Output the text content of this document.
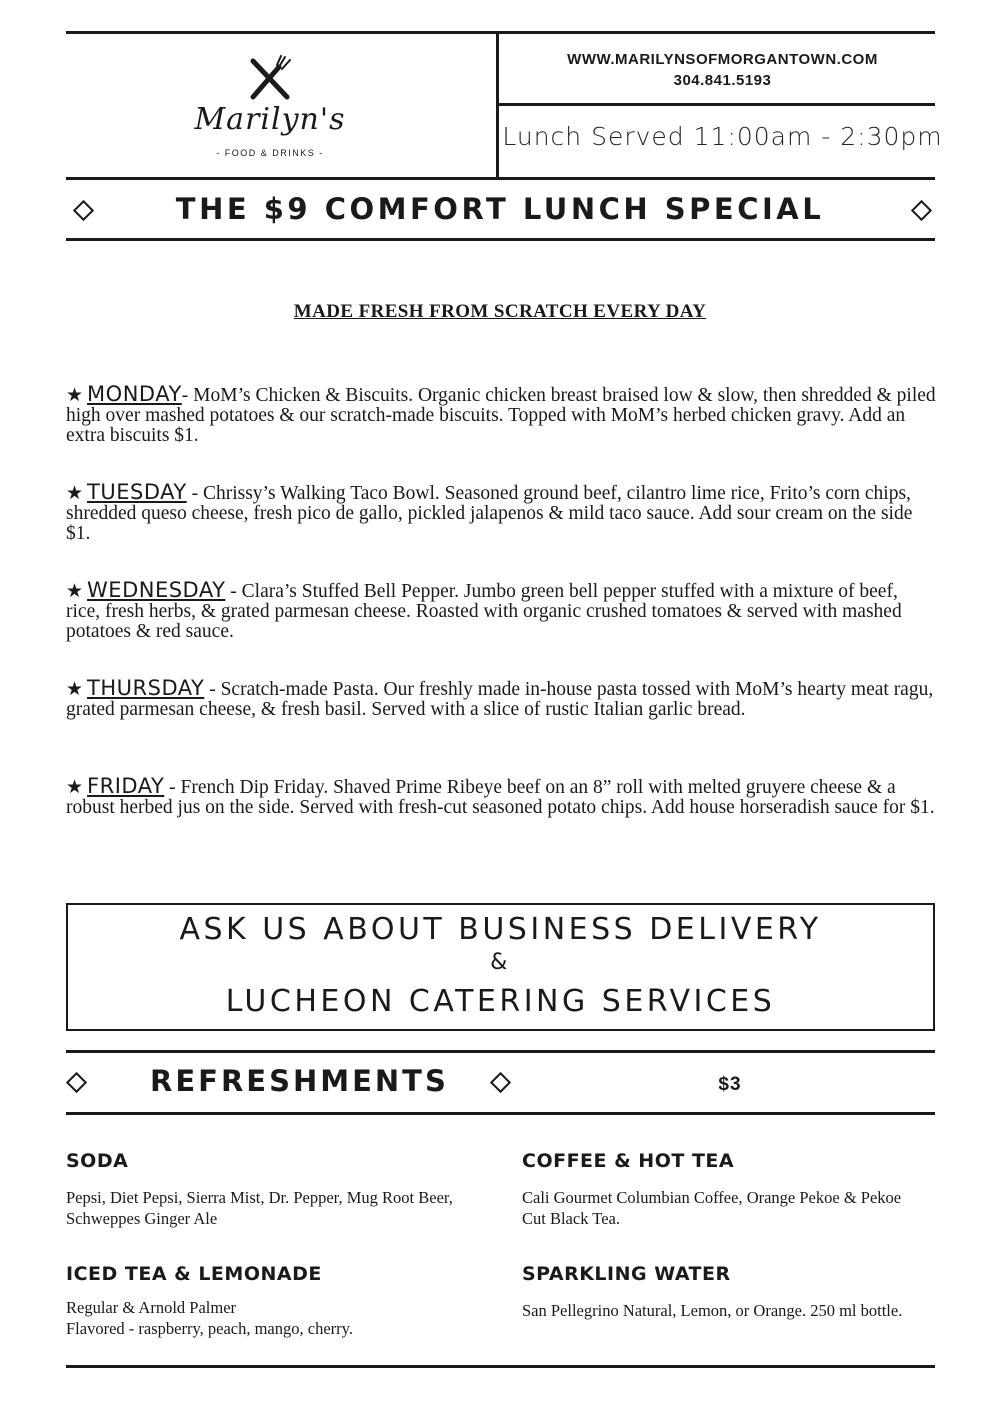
Marilyn's
- FOOD & DRINKS -
WWW.MARILYNSOFMORGANTOWN.COM
304.841.5193
Lunch Served 11:00am - 2:30pm
THE $9 COMFORT LUNCH SPECIAL
MADE FRESH FROM SCRATCH EVERY DAY
★ MONDAY- MoM’s Chicken & Biscuits. Organic chicken breast braised low & slow, then shredded & piled high over mashed potatoes & our scratch-made biscuits. Topped with MoM’s herbed chicken gravy. Add an extra biscuits $1.
★ TUESDAY - Chrissy’s Walking Taco Bowl. Seasoned ground beef, cilantro lime rice, Frito’s corn chips, shredded queso cheese, fresh pico de gallo, pickled jalapenos & mild taco sauce. Add sour cream on the side $1.
★ WEDNESDAY - Clara’s Stuffed Bell Pepper. Jumbo green bell pepper stuffed with a mixture of beef, rice, fresh herbs, & grated parmesan cheese. Roasted with organic crushed tomatoes & served with mashed potatoes & red sauce.
★ THURSDAY - Scratch-made Pasta. Our freshly made in-house pasta tossed with MoM’s hearty meat ragu, grated parmesan cheese, & fresh basil. Served with a slice of rustic Italian garlic bread.
★ FRIDAY - French Dip Friday. Shaved Prime Ribeye beef on an 8” roll with melted gruyere cheese & a robust herbed jus on the side. Served with fresh-cut seasoned potato chips. Add house horseradish sauce for $1.
ASK US ABOUT BUSINESS DELIVERY
&
LUCHEON CATERING SERVICES
REFRESHMENTS	$3
SODA
Pepsi, Diet Pepsi, Sierra Mist, Dr. Pepper, Mug Root Beer, Schweppes Ginger Ale
COFFEE & HOT TEA
Cali Gourmet Columbian Coffee, Orange Pekoe & Pekoe Cut Black Tea.
ICED TEA & LEMONADE
Regular & Arnold Palmer
Flavored - raspberry, peach, mango, cherry.
SPARKLING WATER
San Pellegrino Natural, Lemon, or Orange. 250 ml bottle.
